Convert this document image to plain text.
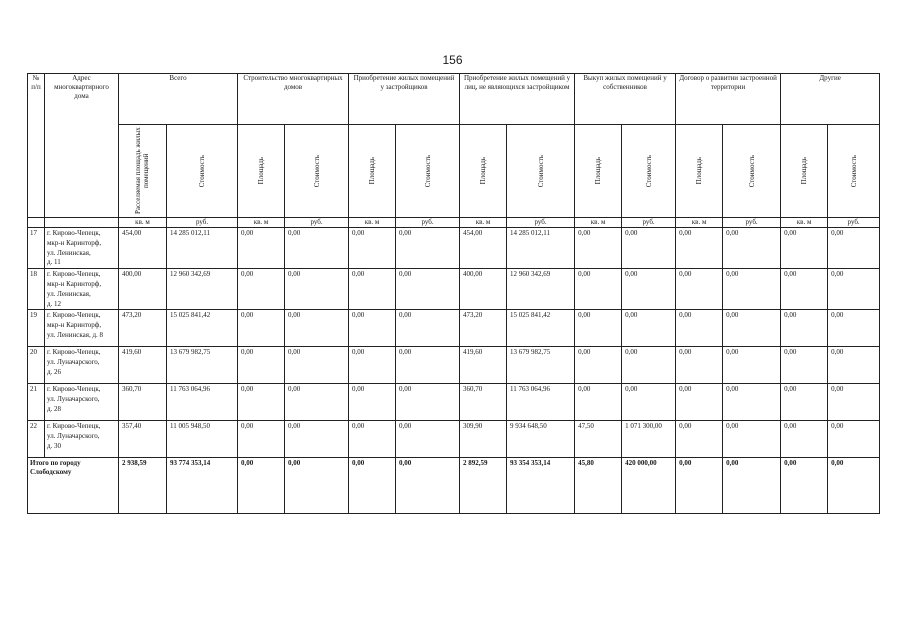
156
№ п/п	Адрес многоквартирного дома	Всего		Строительство многоквартирных домов		Приобретение жилых помещений у застройщиков		Приобретение жилых помещений у лиц, не являющихся застройщиком		Выкуп жилых помещений у собственников		Договор о развитии застроенной территории		Другие	

		Расселяемая площадь жилых помещений	Стоимость	Площадь	Стоимость	Площадь	Стоимость	Площадь	Стоимость	Площадь	Стоимость	Площадь	Стоимость	Площадь	Стоимость

		кв. м	руб.	кв. м	руб.	кв. м	руб.	кв. м	руб.	кв. м	руб.	кв. м	руб.	кв. м	руб.
17	г. Кирово-Чепецк,
мкр-н Каринторф,
ул. Ленинская,
д. 11	454,00	14 285 012,11	0,00	0,00	0,00	0,00	454,00	14 285 012,11	0,00	0,00	0,00	0,00	0,00	0,00
18	г. Кирово-Чепецк,
мкр-н Каринторф,
ул. Ленинская,
д. 12	400,00	12 960 342,69	0,00	0,00	0,00	0,00	400,00	12 960 342,69	0,00	0,00	0,00	0,00	0,00	0,00
19	г. Кирово-Чепецк,
мкр-н Каринторф,
ул. Ленинская, д. 8	473,20	15 025 841,42	0,00	0,00	0,00	0,00	473,20	15 025 841,42	0,00	0,00	0,00	0,00	0,00	0,00
20	г. Кирово-Чепецк,
ул. Луначарского,
д. 26	419,60	13 679 982,75	0,00	0,00	0,00	0,00	419,60	13 679 982,75	0,00	0,00	0,00	0,00	0,00	0,00
21	г. Кирово-Чепецк,
ул. Луначарского,
д. 28	360,70	11 763 064,96	0,00	0,00	0,00	0,00	360,70	11 763 064,96	0,00	0,00	0,00	0,00	0,00	0,00
22	г. Кирово-Чепецк,
ул. Луначарского,
д. 30	357,40	11 005 948,50	0,00	0,00	0,00	0,00	309,90	9 934 648,50	47,50	1 071 300,00	0,00	0,00	0,00	0,00
Итого по городу Слободскому		2 938,59	93 774 353,14	0,00	0,00	0,00	0,00	2 892,59	93 354 353,14	45,80	420 000,00	0,00	0,00	0,00	0,00
